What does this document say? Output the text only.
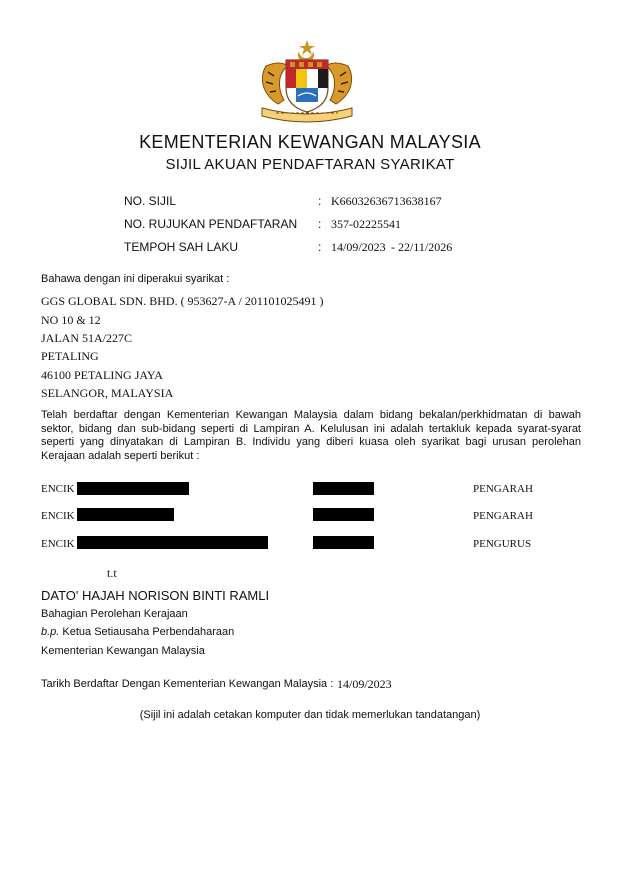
KEMENTERIAN KEWANGAN MALAYSIA
SIJIL AKUAN PENDAFTARAN SYARIKAT
NO. SIJIL	: K66032636713638167
NO. RUJUKAN PENDAFTARAN : 357-02225541
TEMPOH SAH LAKU	: 14/09/2023 - 22/11/2026
Bahawa dengan ini diperakui syarikat :
GGS GLOBAL SDN. BHD. ( 953627-A / 201101025491 )
NO 10 & 12
JALAN 51A/227C
PETALING
46100 PETALING JAYA
SELANGOR, MALAYSIA
Telah berdaftar dengan Kementerian Kewangan Malaysia dalam bidang bekalan/perkhidmatan di bawah sektor, bidang dan sub-bidang seperti di Lampiran A. Kelulusan ini adalah tertakluk kepada syarat-syarat seperti yang dinyatakan di Lampiran B. Individu yang diberi kuasa oleh syarikat bagi urusan perolehan Kerajaan adalah seperti berikut :
ENCIK	PENGARAH
ENCIK	PENGARAH
ENCIK	PENGURUS
t.t
DATO' HAJAH NORISON BINTI RAMLI
Bahagian Perolehan Kerajaan
b.p. Ketua Setiausaha Perbendaharaan
Kementerian Kewangan Malaysia
Tarikh Berdaftar Dengan Kementerian Kewangan Malaysia : 14/09/2023
(Sijil ini adalah cetakan komputer dan tidak memerlukan tandatangan)
